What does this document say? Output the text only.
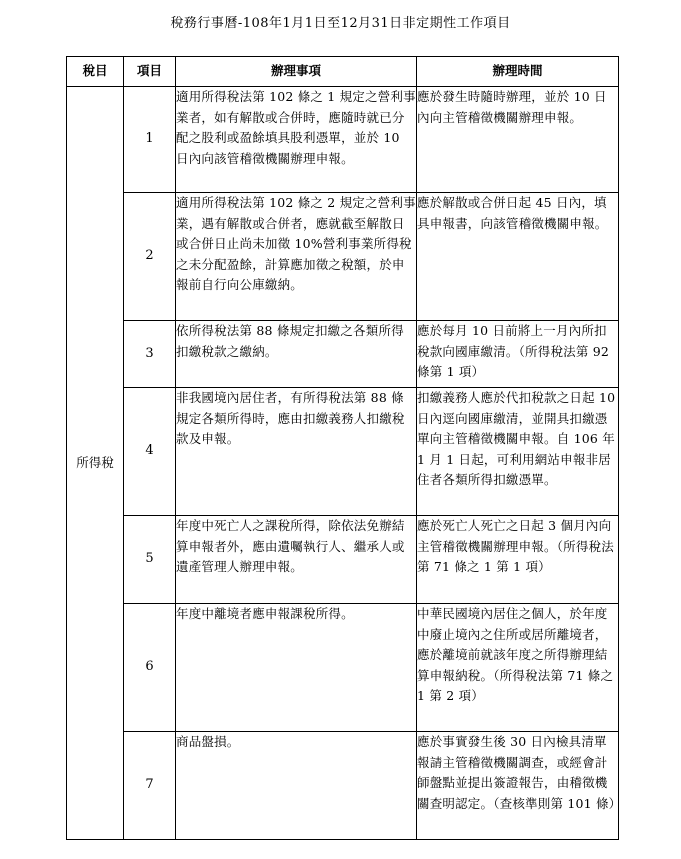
稅務行事曆-108年1月1日至12月31日非定期性工作項目
稅目	項目	辦理事項	辦理時間
所得稅	1	適用所得稅法第 102 條之 1 規定之營利事業者，如有解散或合併時，應隨時就已分配之股利或盈餘填具股利憑單，並於 10 日內向該管稽徵機關辦理申報。	應於發生時隨時辦理，並於 10 日內向主管稽徵機關辦理申報。
	2	適用所得稅法第 102 條之 2 規定之營利事業，遇有解散或合併者，應就截至解散日或合併日止尚未加徵 10%營利事業所得稅之未分配盈餘，計算應加徵之稅額，於申報前自行向公庫繳納。	應於解散或合併日起 45 日內，填具申報書，向該管稽徵機關申報。
	3	依所得稅法第 88 條規定扣繳之各類所得扣繳稅款之繳納。	應於每月 10 日前將上一月內所扣稅款向國庫繳清。（所得稅法第 92 條第 1 項）
	4	非我國境內居住者，有所得稅法第 88 條規定各類所得時，應由扣繳義務人扣繳稅款及申報。	扣繳義務人應於代扣稅款之日起 10 日內逕向國庫繳清，並開具扣繳憑單向主管稽徵機關申報。自 106 年 1 月 1 日起，可利用網站申報非居住者各類所得扣繳憑單。
	5	年度中死亡人之課稅所得，除依法免辦結算申報者外，應由遺囑執行人、繼承人或遺產管理人辦理申報。	應於死亡人死亡之日起 3 個月內向主管稽徵機關辦理申報。（所得稅法第 71 條之 1 第 1 項）
	6	年度中離境者應申報課稅所得。	中華民國境內居住之個人，於年度中廢止境內之住所或居所離境者，應於離境前就該年度之所得辦理結算申報納稅。（所得稅法第 71 條之 1 第 2 項）
	7	商品盤損。	應於事實發生後 30 日內檢具清單報請主管稽徵機關調查，或經會計師盤點並提出簽證報告，由稽徵機關查明認定。（查核準則第 101 條）
